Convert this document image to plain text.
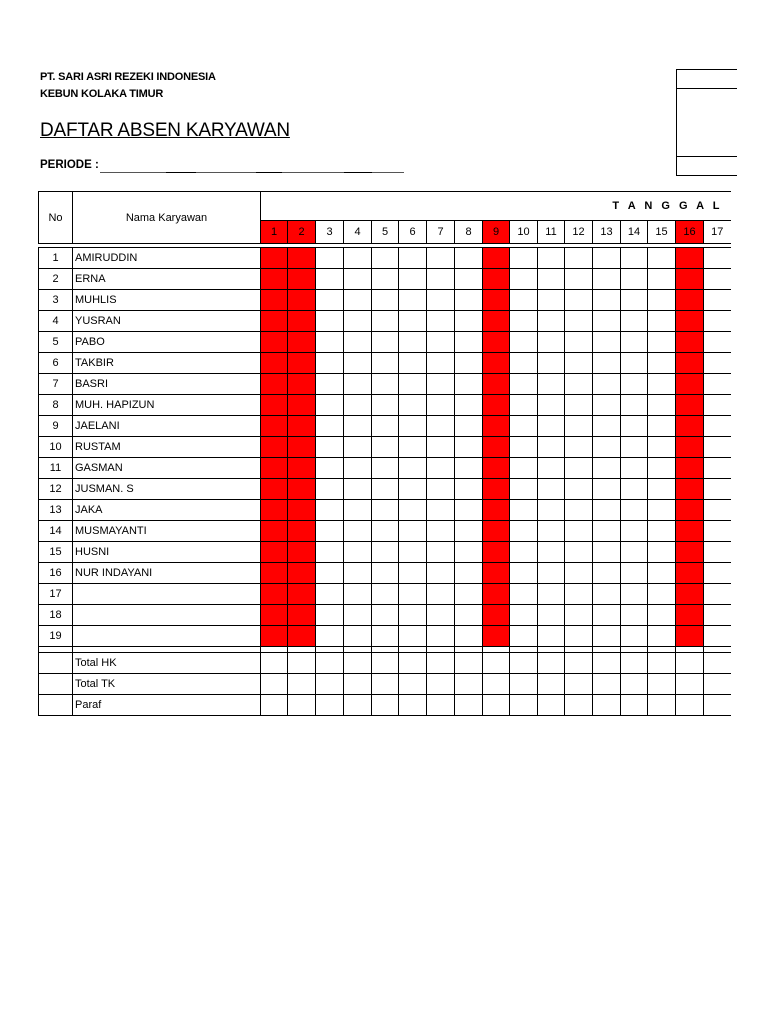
PT. SARI ASRI REZEKI INDONESIA
KEBUN KOLAKA TIMUR
DAFTAR ABSEN KARYAWAN
PERIODE :
No	Nama Karyawan	T A N G G A L																
		1	2	3	4	5	6	7	8	9	10	11	12	13	14	15	16	17

1	AMIRUDDIN																	
2	ERNA																	
3	MUHLIS																	
4	YUSRAN																	
5	PABO																	
6	TAKBIR																	
7	BASRI																	
8	MUH. HAPIZUN																	
9	JAELANI																	
10	RUSTAM																	
11	GASMAN																	
12	JUSMAN. S																	
13	JAKA																	
14	MUSMAYANTI																	
15	HUSNI																	
16	NUR INDAYANI																	
17																		
18																		
19																		

	Total HK																	
	Total TK																	
	Paraf																	
